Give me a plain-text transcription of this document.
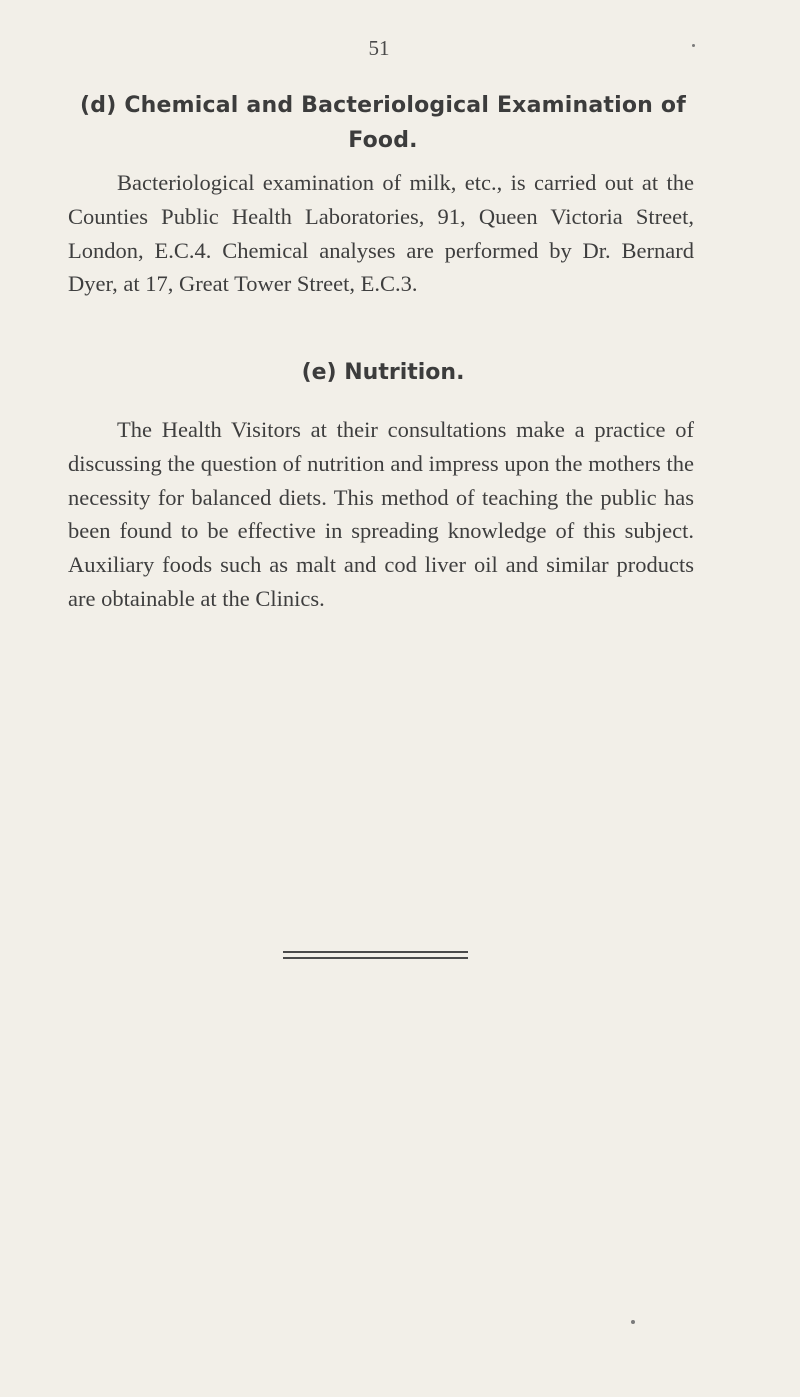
51
(d) Chemical and Bacteriological Examination of Food.

Bacteriological examination of milk, etc., is carried out at the Counties Public Health Laboratories, 91, Queen Victoria Street, London, E.C.4. Chemical analyses are performed by Dr. Bernard Dyer, at 17, Great Tower Street, E.C.3.

(e) Nutrition.

The Health Visitors at their consultations make a practice of discussing the question of nutrition and impress upon the mothers the necessity for balanced diets. This method of teaching the public has been found to be effective in spreading knowledge of this subject. Auxiliary foods such as malt and cod liver oil and similar products are obtainable at the Clinics.
